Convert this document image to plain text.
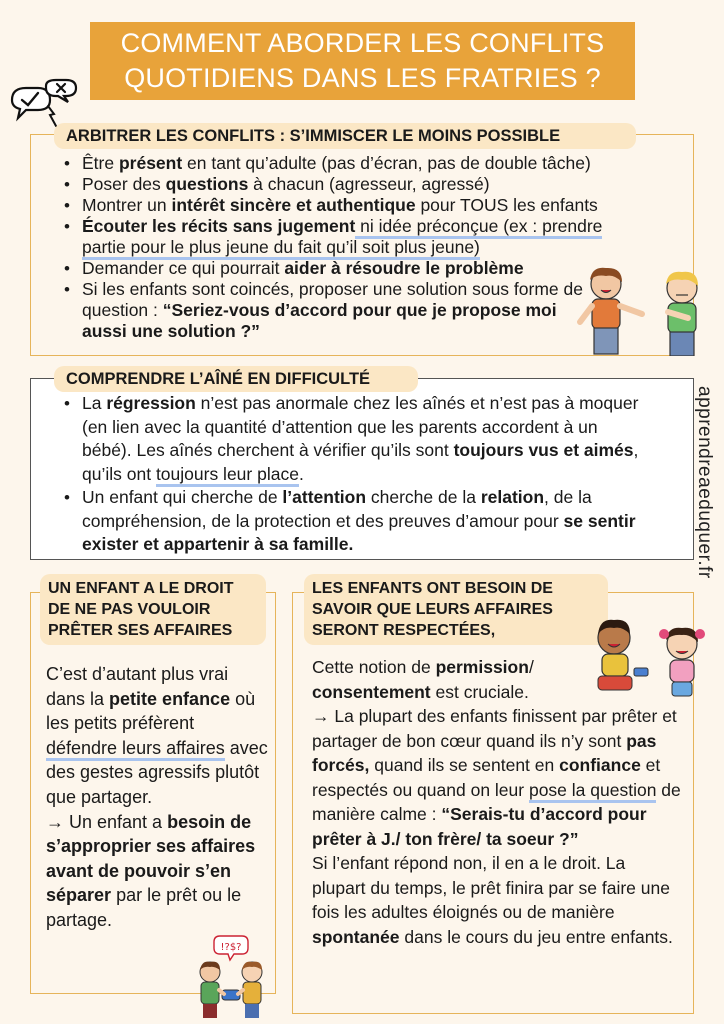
COMMENT ABORDER LES CONFLITS
QUOTIDIENS DANS LES FRATRIES ?
ARBITRER LES CONFLITS : S’IMMISCER LE MOINS POSSIBLE
• Être présent en tant qu’adulte (pas d’écran, pas de double tâche)
• Poser des questions à chacun (agresseur, agressé)
• Montrer un intérêt sincère et authentique pour TOUS les enfants
• Écouter les récits sans jugement ni idée préconçue (ex : prendre partie pour le plus jeune du fait qu’il soit plus jeune)
• Demander ce qui pourrait aider à résoudre le problème
• Si les enfants sont coincés, proposer une solution sous forme de question : “Seriez-vous d’accord pour que je propose moi aussi une solution ?”
COMPRENDRE L’AÎNÉ EN DIFFICULTÉ
• La régression n’est pas anormale chez les aînés et n’est pas à moquer (en lien avec la quantité d’attention que les parents accordent à un bébé). Les aînés cherchent à vérifier qu’ils sont toujours vus et aimés, qu’ils ont toujours leur place.
• Un enfant qui cherche de l’attention cherche de la relation, de la compréhension, de la protection et des preuves d’amour pour se sentir exister et appartenir à sa famille.	apprendreaeduquer.fr
UN ENFANT A LE DROIT
DE NE PAS VOULOIR
PRÊTER SES AFFAIRES
C’est d’autant plus vrai dans la petite enfance où les petits préfèrent défendre leurs affaires avec des gestes agressifs plutôt que partager.
→ Un enfant a besoin de s’approprier ses affaires avant de pouvoir s’en séparer par le prêt ou le partage.
!?$?
LES ENFANTS ONT BESOIN DE
SAVOIR QUE LEURS AFFAIRES
SERONT RESPECTÉES,
Cette notion de permission/ consentement est cruciale.
→ La plupart des enfants finissent par prêter et partager de bon cœur quand ils n’y sont pas forcés, quand ils se sentent en confiance et respectés ou quand on leur pose la question de manière calme : “Serais-tu d’accord pour prêter à J./ ton frère/ ta soeur ?”
Si l’enfant répond non, il en a le droit. La plupart du temps, le prêt finira par se faire une fois les adultes éloignés ou de manière spontanée dans le cours du jeu entre enfants.
